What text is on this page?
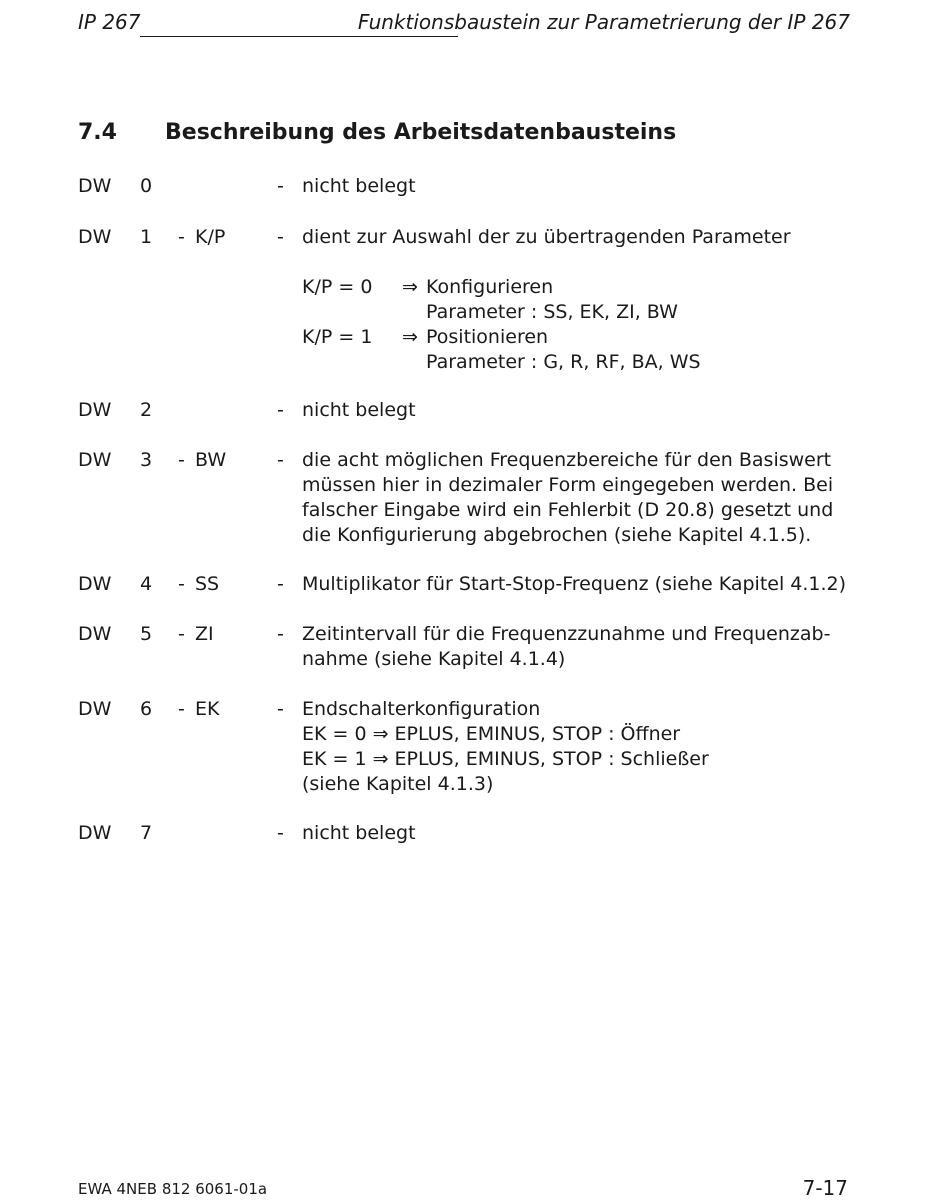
IP 267	Funktionsbaustein zur Parametrierung der IP 267
7.4 Beschreibung des Arbeitsdatenbausteins
DW 0	- nicht belegt
DW 1 - K/P	- dient zur Auswahl der zu übertragenden Parameter
K/P = 0 ⇒ Konfigurieren
Parameter : SS, EK, ZI, BW
K/P = 1 ⇒ Positionieren
Parameter : G, R, RF, BA, WS
DW 2	- nicht belegt
DW 3 - BW	- die acht möglichen Frequenzbereiche für den Basiswert
müssen hier in dezimaler Form eingegeben werden. Bei
falscher Eingabe wird ein Fehlerbit (D 20.8) gesetzt und
die Konfigurierung abgebrochen (siehe Kapitel 4.1.5).
DW 4 - SS	- Multiplikator für Start-Stop-Frequenz (siehe Kapitel 4.1.2)
DW 5 - ZI	- Zeitintervall für die Frequenzzunahme und Frequenzab-
nahme (siehe Kapitel 4.1.4)
DW 6 - EK	- Endschalterkonfiguration
EK = 0 ⇒ EPLUS, EMINUS, STOP : Öffner
EK = 1 ⇒ EPLUS, EMINUS, STOP : Schließer
(siehe Kapitel 4.1.3)
DW 7	- nicht belegt
EWA 4NEB 812 6061-01a	7-17
